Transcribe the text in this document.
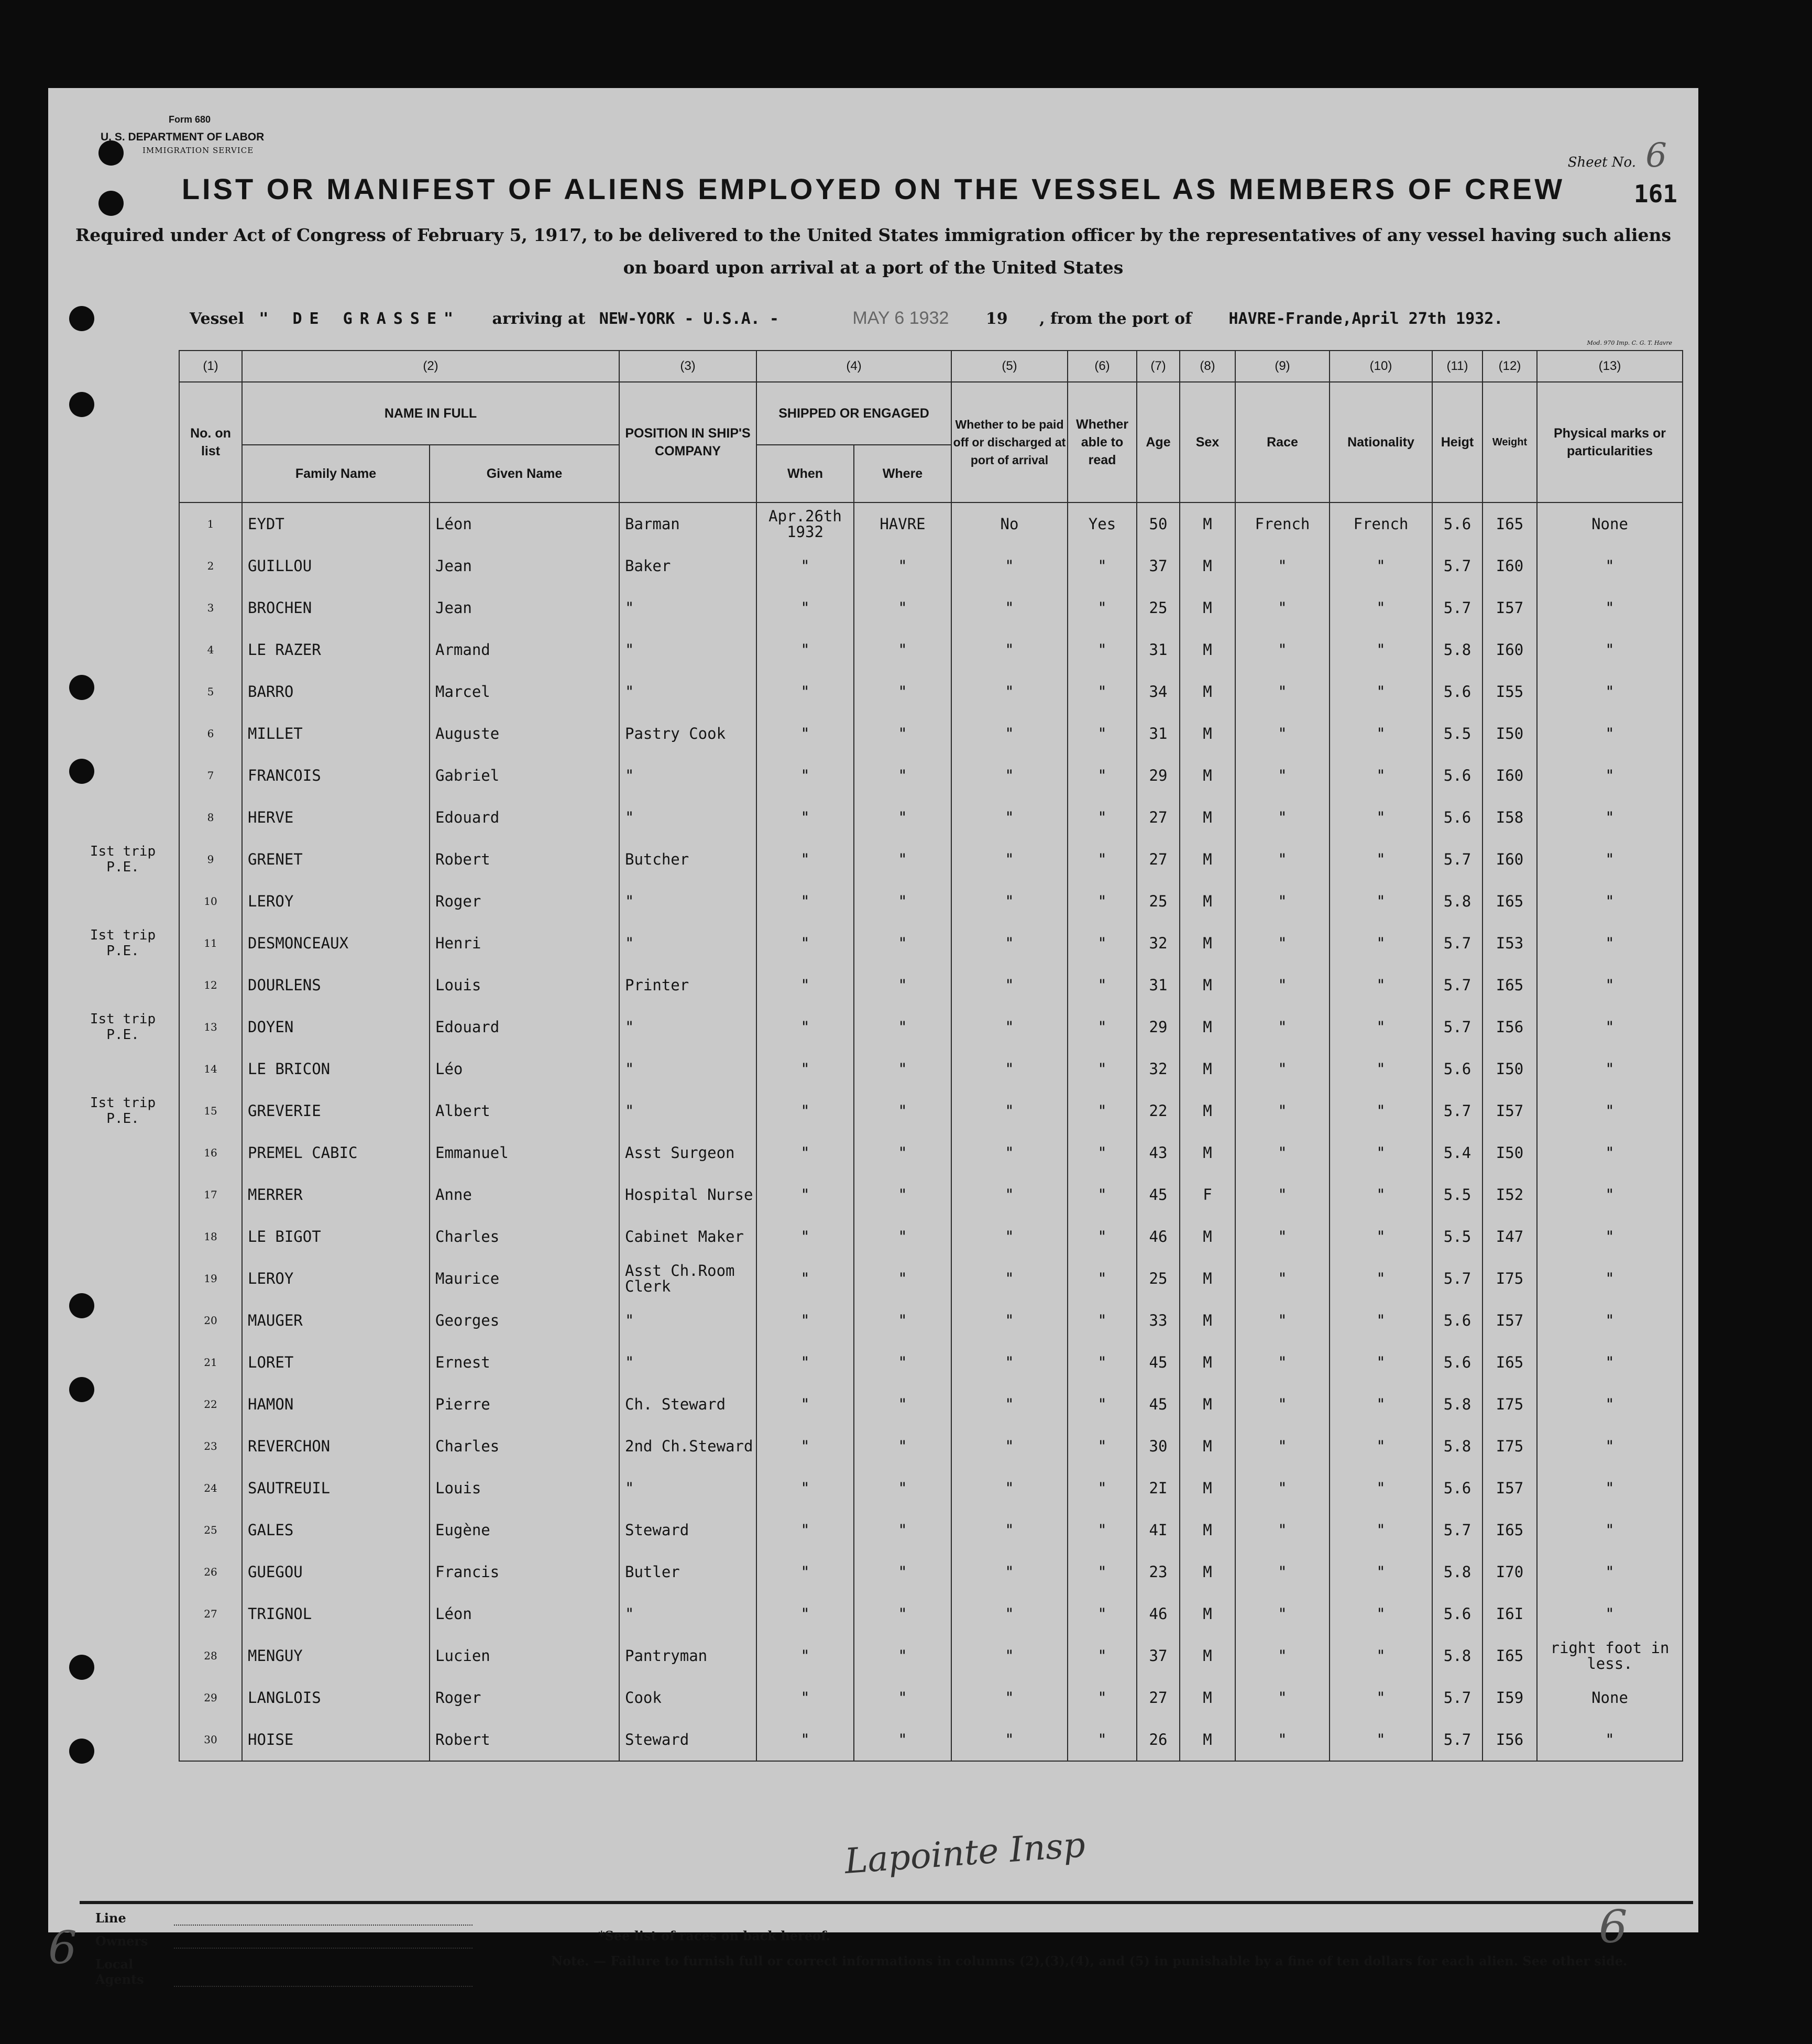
Form 680
U. S. DEPARTMENT OF LABOR
IMMIGRATION SERVICE
Sheet No. 6
LIST OR MANIFEST OF ALIENS EMPLOYED ON THE VESSEL AS MEMBERS OF CREW	161
Required under Act of Congress of February 5, 1917, to be delivered to the United States immigration officer by the representatives of any vessel having such aliens on board upon arrival at a port of the United States
Vessel " DE GRASSE" arriving at NEW-YORK - U.S.A. -	MAY 6 1932 19 , from the port of HAVRE-Frande,April 27th 1932.
Mod. 970 Imp. C. G. T. Havre
	(1)	(2)		(3)	(4)		(5)	(6)	(7)	(8)	(9)	(10)	(11)	(12)	(13)
	No. on list	NAME IN FULL		POSITION IN SHIP'S COMPANY	SHIPPED OR ENGAGED		Whether to be paid off or discharged at port of arrival	Whether able to read	Age	Sex	Race	Nationality	Heigt	Weight	Physical marks or particularities
		Family Name	Given Name		When	Where									
	1	EYDT	Léon	Barman	Apr.26th 1932	HAVRE	No	Yes	50	M	French	French	5.6	I65	None
	2	GUILLOU	Jean	Baker	"	"	"	"	37	M	"	"	5.7	I60	"
	3	BROCHEN	Jean	"	"	"	"	"	25	M	"	"	5.7	I57	"
	4	LE RAZER	Armand	"	"	"	"	"	31	M	"	"	5.8	I60	"
	5	BARRO	Marcel	"	"	"	"	"	34	M	"	"	5.6	I55	"
	6	MILLET	Auguste	Pastry Cook	"	"	"	"	31	M	"	"	5.5	I50	"
	7	FRANCOIS	Gabriel	"	"	"	"	"	29	M	"	"	5.6	I60	"
	8	HERVE	Edouard	"	"	"	"	"	27	M	"	"	5.6	I58	"
Ist trip
P.E.	9	GRENET	Robert	Butcher	"	"	"	"	27	M	"	"	5.7	I60	"
	10	LEROY	Roger	"	"	"	"	"	25	M	"	"	5.8	I65	"
Ist trip
P.E.	11	DESMONCEAUX	Henri	"	"	"	"	"	32	M	"	"	5.7	I53	"
	12	DOURLENS	Louis	Printer	"	"	"	"	31	M	"	"	5.7	I65	"
Ist trip
P.E.	13	DOYEN	Edouard	"	"	"	"	"	29	M	"	"	5.7	I56	"
	14	LE BRICON	Léo	"	"	"	"	"	32	M	"	"	5.6	I50	"
Ist trip
P.E.	15	GREVERIE	Albert	"	"	"	"	"	22	M	"	"	5.7	I57	"
	16	PREMEL CABIC	Emmanuel	Asst Surgeon	"	"	"	"	43	M	"	"	5.4	I50	"
	17	MERRER	Anne	Hospital Nurse	"	"	"	"	45	F	"	"	5.5	I52	"
	18	LE BIGOT	Charles	Cabinet Maker	"	"	"	"	46	M	"	"	5.5	I47	"
	19	LEROY	Maurice	Asst Ch.Room
Clerk	"	"	"	"	25	M	"	"	5.7	I75	"
	20	MAUGER	Georges	"	"	"	"	"	33	M	"	"	5.6	I57	"
	21	LORET	Ernest	"	"	"	"	"	45	M	"	"	5.6	I65	"
	22	HAMON	Pierre	Ch. Steward	"	"	"	"	45	M	"	"	5.8	I75	"
	23	REVERCHON	Charles	2nd Ch.Steward	"	"	"	"	30	M	"	"	5.8	I75	"
	24	SAUTREUIL	Louis	"	"	"	"	"	2I	M	"	"	5.6	I57	"
	25	GALES	Eugène	Steward	"	"	"	"	4I	M	"	"	5.7	I65	"
	26	GUEGOU	Francis	Butler	"	"	"	"	23	M	"	"	5.8	I70	"
	27	TRIGNOL	Léon	"	"	"	"	"	46	M	"	"	5.6	I6I	"
	28	MENGUY	Lucien	Pantryman	"	"	"	"	37	M	"	"	5.8	I65	right foot in
less.
	29	LANGLOIS	Roger	Cook	"	"	"	"	27	M	"	"	5.7	I59	None
	30	HOISE	Robert	Steward	"	"	"	"	26	M	"	"	5.7	I56	"
Lapointe Insp
6	6
Line
Owners
Local Agents
*See list of races on back hereof.
Note. — Failure to furnish full or correct informations in columns (2),(3),(4), and (5) in punishable by a fine of ten dollars for each alien. See other side.
